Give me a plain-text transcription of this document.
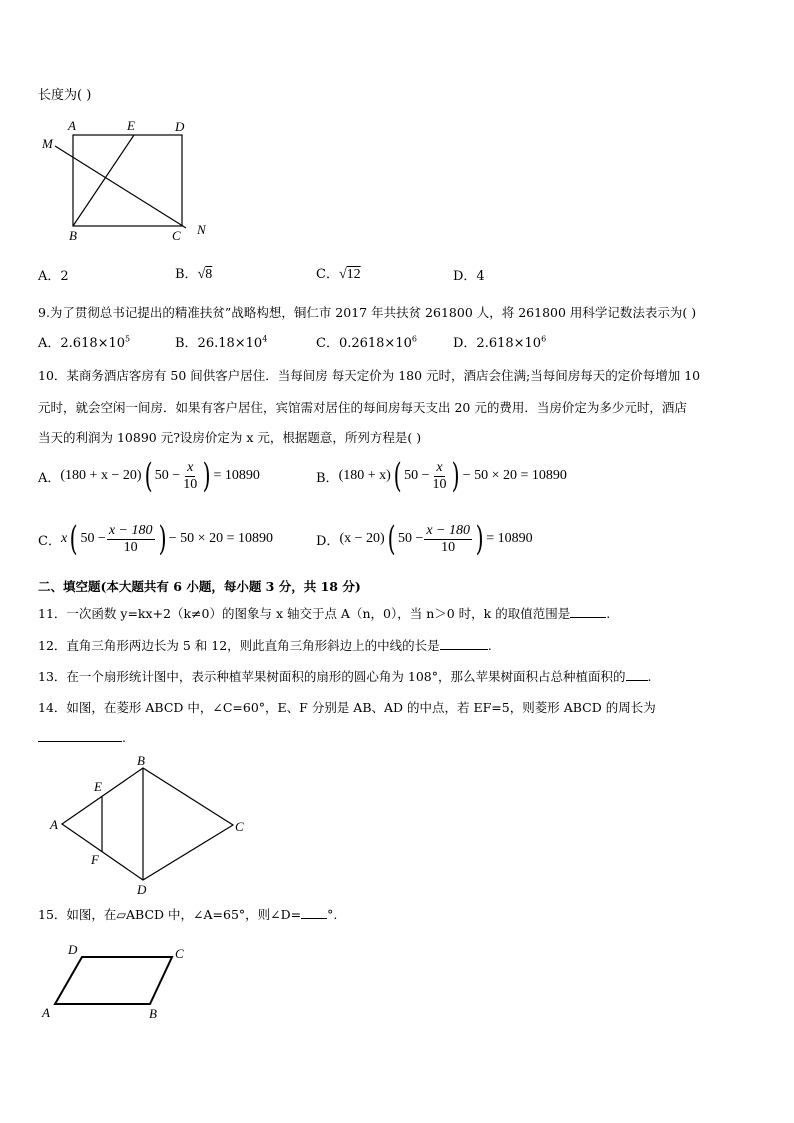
长度为( )
A	E	D
M
B	C N
A．2	B．√8	C．√12	D．4
9.为了贯彻总书记提出的精准扶贫”战略构想，铜仁市 2017 年共扶贫 261800 人，将 261800 用科学记数法表示为( )
A．$2.618\times 10^5$	B．$26.18\times 10^4$	C．$0.2618\times 10^6$	D．$2.618\times 10^6$
10．某商务酒店客房有 50 间供客户居住．当每间房 每天定价为 180 元时，酒店会住满;当每间房每天的定价每增加 10
元时，就会空闲一间房．如果有客户居住，宾馆需对居住的每间房每天支出 20 元的费用．当房价定为多少元时，酒店
当天的利润为 10890 元?设房价定为 x 元，根据题意，所列方程是( )
A． (180 + x − 20) ( $50 - \frac{x}{10}$ ) = 10890	B． (180 + x) ( $50 - \frac{x}{10}$ ) − 50 × 20 = 10890
C． x ( $50 - \frac{x - 180}{10}$ ) − 50 × 20 = 10890	D． (x − 20) ( $50 - \frac{x - 180}{10}$ ) = 10890
二、填空题(本大题共有 6 小题，每小题 3 分，共 18 分)
11．一次函数 y=kx+2（k≠0）的图象与 x 轴交于点 A（n，0），当 n＞0 时，k 的取值范围是	.
12．直角三角形两边长为 5 和 12，则此直角三角形斜边上的中线的长是	.
13．在一个扇形统计图中，表示种植苹果树面积的扇形的圆心角为 108°，那么苹果树面积占总种植面积的 .
14．如图，在菱形 ABCD 中，∠C=60°，E、F 分别是 AB、AD 的中点，若 EF=5，则菱形 ABCD 的周长为
.
A
B
C
D
E
F
15．如图，在▱ABCD 中，∠A=65°，则∠D= °.
A
D	C
B
